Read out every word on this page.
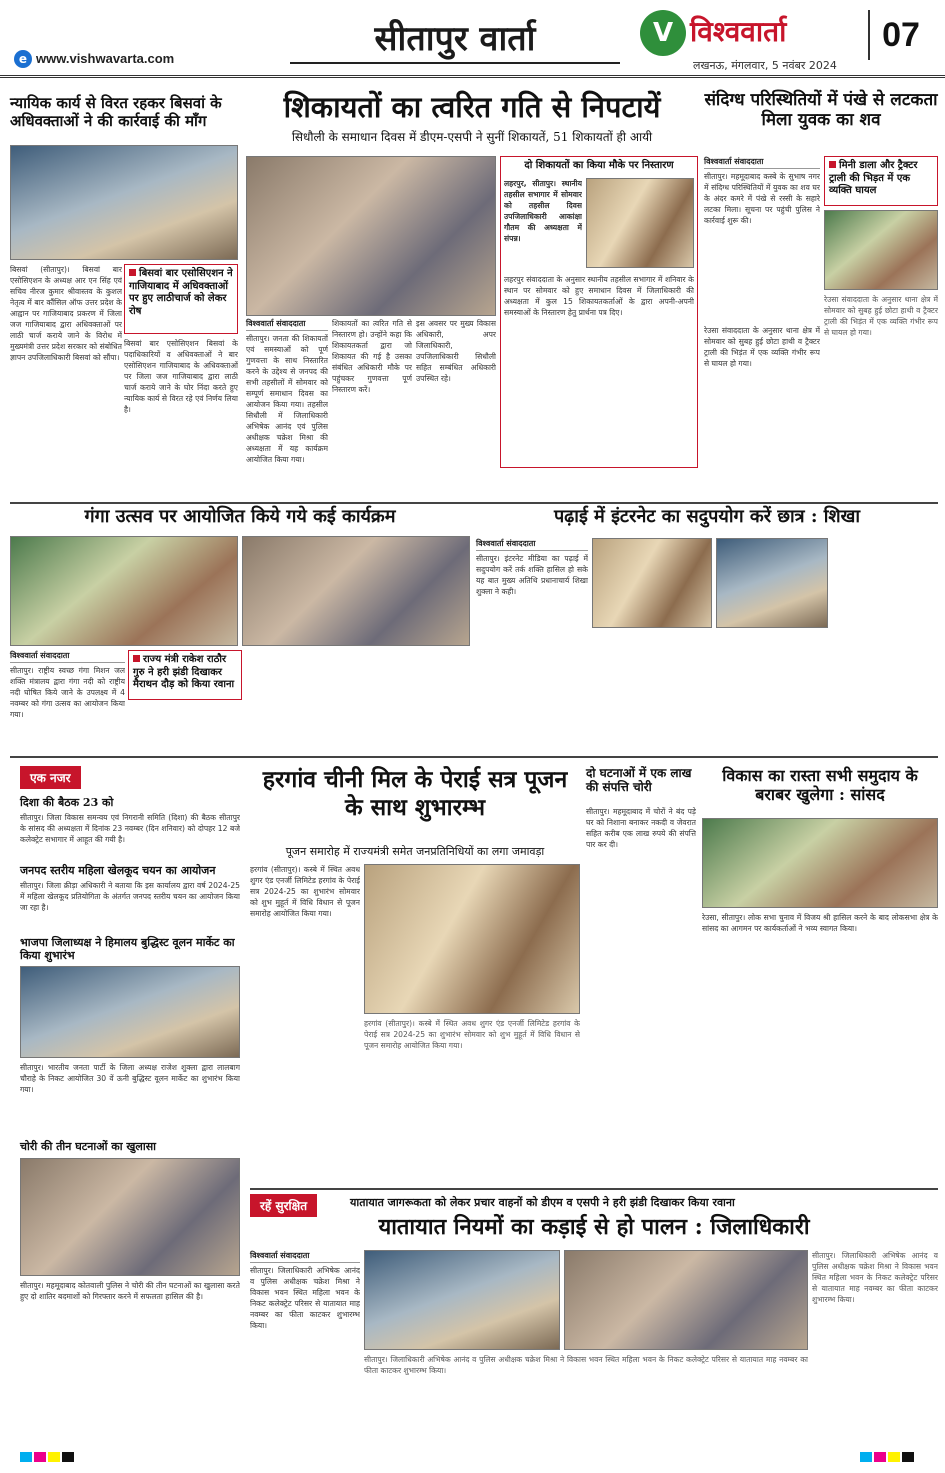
सीतापुर वार्ता	V विश्ववार्ता	07
e www.vishwavarta.com	लखनऊ, मंगलवार, 5 नवंबर 2024
न्यायिक कार्य से विरत रहकर बिसवां के अधिवक्ताओं ने की कार्रवाई की माँग
बिसवां (सीतापुर)। बिसवां बार एसोसिएशन के अध्यक्ष आर एन सिंह एवं सचिव नीरज कुमार श्रीवास्तव के कुशल नेतृत्व में बार कौंसिल ऑफ उत्तर प्रदेश के आह्वान पर गाजियाबाद प्रकरण में जिला जज गाजियाबाद द्वारा अधिवक्ताओं पर लाठी चार्ज कराये जाने के विरोध में मुख्यमंत्री उत्तर प्रदेश सरकार को संबोधित ज्ञापन उपजिलाधिकारी बिसवां को सौंपा।
बिसवां बार एसोसिएशन ने गाजियाबाद में अधिवक्ताओं पर हुए लाठीचार्ज को लेकर रोष
बिसवां बार एसोसिएशन बिसवां के पदाधिकारियों व अधिवक्ताओं ने बार एसोसिएशन गाजियाबाद के अधिवक्ताओं पर जिला जज गाजियाबाद द्वारा लाठी चार्ज कराये जाने के घोर निंदा करते हुए न्यायिक कार्य से विरत रहे एवं निर्णय लिया है।
शिकायतों का त्वरित गति से निपटायें
सिधौली के समाधान दिवस में डीएम-एसपी ने सुनीं शिकायतें, 51 शिकायतों ही आयी
विश्ववार्ता संवाददाता
सीतापुर। जनता की शिकायतों एवं समस्याओं को पूर्ण गुणवत्ता के साथ निस्तारित करने के उद्देश्य से जनपद की सभी तहसीलों में सोमवार को सम्पूर्ण समाधान दिवस का आयोजन किया गया। तहसील सिधौली में जिलाधिकारी अभिषेक आनंद एवं पुलिस अधीक्षक चक्रेश मिश्रा की अध्यक्षता में यह कार्यक्रम आयोजित किया गया।
शिकायतों का त्वरित गति से निस्तारण हो। उन्होंने कहा कि शिकायतकर्ता द्वारा जो शिकायत की गई है उसका संबंधित अधिकारी मौके पर पहुंचकर गुणवत्ता पूर्ण निस्तारण करें।
इस अवसर पर मुख्य विकास अधिकारी, अपर जिलाधिकारी, उपजिलाधिकारी सिधौली सहित सम्बंधित अधिकारी उपस्थित रहे।
दो शिकायतों का किया मौके पर निस्तारण
लहरपुर, सीतापुर। स्थानीय तहसील सभागार में सोमवार को तहसील दिवस उपजिलाधिकारी आकांक्षा गौतम की अध्यक्षता में संपन्न।
लहरपुर संवाददाता के अनुसार स्थानीय तहसील सभागार में शनिवार के स्थान पर सोमवार को हुए समाधान दिवस में जिलाधिकारी की अध्यक्षता में कुल 15 शिकायतकर्ताओं के द्वारा अपनी-अपनी समस्याओं के निस्तारण हेतु प्रार्थना पत्र दिए।
संदिग्ध परिस्थितियों में पंखे से लटकता मिला युवक का शव
विश्ववार्ता संवाददाता
सीतापुर। महमूदाबाद कस्बे के सुभाष नगर में संदिग्ध परिस्थितियों में युवक का शव घर के अंदर कमरे में पंखे से रस्सी के सहारे लटका मिला। सूचना पर पहुंची पुलिस ने कार्रवाई शुरू की।
रेउसा संवाददाता के अनुसार थाना क्षेत्र में सोमवार को सुबह हुई छोटा हाथी व ट्रैक्टर ट्राली की भिड़ंत में एक व्यक्ति गंभीर रूप से घायल हो गया।
मिनी डाला और ट्रैक्टर ट्राली की भिड़त में एक व्यक्ति घायल
रेउसा संवाददाता के अनुसार थाना क्षेत्र में सोमवार को सुबह हुई छोटा हाथी व ट्रैक्टर ट्राली की भिड़ंत में एक व्यक्ति गंभीर रूप से घायल हो गया।
गंगा उत्सव पर आयोजित किये गये कई कार्यक्रम
विश्ववार्ता संवाददाता
सीतापुर। राष्ट्रीय स्वच्छ गंगा मिशन जल शक्ति मंत्रालय द्वारा गंगा नदी को राष्ट्रीय नदी घोषित किये जाने के उपलक्ष्य में 4 नवम्बर को गंगा उत्सव का आयोजन किया गया।
राज्य मंत्री राकेश राठौर गुरु ने हरी झंडी दिखाकर मैराथन दौड़ को किया रवाना
पढ़ाई में इंटरनेट का सदुपयोग करें छात्र : शिखा
विश्ववार्ता संवाददाता
सीतापुर। इंटरनेट मीडिया का पढ़ाई में सदुपयोग करें तर्क शक्ति हासिल हो सके यह बात मुख्य अतिथि प्रधानाचार्य शिखा शुक्ला ने कही।
एक नजर
दिशा की बैठक 23 को
सीतापुर। जिला विकास समन्वय एवं निगरानी समिति (दिशा) की बैठक सीतापुर के सांसद की अध्यक्षता में दिनांक 23 नवम्बर (दिन शनिवार) को दोपहर 12 बजे कलेक्ट्रेट सभागार में आहूत की गयी है।
जनपद स्तरीय महिला खेलकूद चयन का आयोजन
सीतापुर। जिला क्रीड़ा अधिकारी ने बताया कि इस कार्यालय द्वारा वर्ष 2024-25 में महिला खेलकूद प्रतियोगिता के अंतर्गत जनपद स्तरीय चयन का आयोजन किया जा रहा है।
भाजपा जिलाध्यक्ष ने हिमालय बुद्धिस्ट वूलन मार्केट का किया शुभारंभ
सीतापुर। भारतीय जनता पार्टी के जिला अध्यक्ष राजेश शुक्ला द्वारा लालबाग चौराहे के निकट आयोजित 30 वें ऊनी बुद्धिस्ट वूलन मार्केट का शुभारंभ किया गया।
चोरी की तीन घटनाओं का खुलासा
सीतापुर। महमूदाबाद कोतवाली पुलिस ने चोरी की तीन घटनाओं का खुलासा करते हुए दो शातिर बदमाशों को गिरफ्तार करने में सफलता हासिल की है।
हरगांव चीनी मिल के पेराई सत्र पूजन के साथ शुभारम्भ
पूजन समारोह में राज्यमंत्री समेत जनप्रतिनिधियों का लगा जमावड़ा
हरगांव (सीतापुर)। कस्बे में स्थित अवध शुगर एंड एनर्जी लिमिटेड हरगांव के पेराई सत्र 2024-25 का शुभारंभ सोमवार को शुभ मुहूर्त में विधि विधान से पूजन समारोह आयोजित किया गया।
हरगांव (सीतापुर)। कस्बे में स्थित अवध शुगर एंड एनर्जी लिमिटेड हरगांव के पेराई सत्र 2024-25 का शुभारंभ सोमवार को शुभ मुहूर्त में विधि विधान से पूजन समारोह आयोजित किया गया।
दो घटनाओं में एक लाख की संपत्ति चोरी
सीतापुर। महमूदाबाद में चोरों ने बंद पड़े घर को निशाना बनाकर नकदी व जेवरात सहित करीब एक लाख रुपये की संपत्ति पार कर दी।
विकास का रास्ता सभी समुदाय के बराबर खुलेगा : सांसद
रेउसा, सीतापुर। लोक सभा चुनाव में विजय श्री हासिल करने के बाद लोकसभा क्षेत्र के सांसद का आगमन पर कार्यकर्ताओं ने भव्य स्वागत किया।
रहें सुरक्षित	यातायात जागरूकता को लेकर प्रचार वाहनों को डीएम व एसपी ने हरी झंडी दिखाकर किया रवाना
यातायात नियमों का कड़ाई से हो पालन : जिलाधिकारी
विश्ववार्ता संवाददाता
सीतापुर। जिलाधिकारी अभिषेक आनंद व पुलिस अधीक्षक चक्रेश मिश्रा ने विकास भवन स्थित महिला भवन के निकट कलेक्ट्रेट परिसर से यातायात माह नवम्बर का फीता काटकर शुभारम्भ किया।
सीतापुर। जिलाधिकारी अभिषेक आनंद व पुलिस अधीक्षक चक्रेश मिश्रा ने विकास भवन स्थित महिला भवन के निकट कलेक्ट्रेट परिसर से यातायात माह नवम्बर का फीता काटकर शुभारम्भ किया।
सीतापुर। जिलाधिकारी अभिषेक आनंद व पुलिस अधीक्षक चक्रेश मिश्रा ने विकास भवन स्थित महिला भवन के निकट कलेक्ट्रेट परिसर से यातायात माह नवम्बर का फीता काटकर शुभारम्भ किया।
